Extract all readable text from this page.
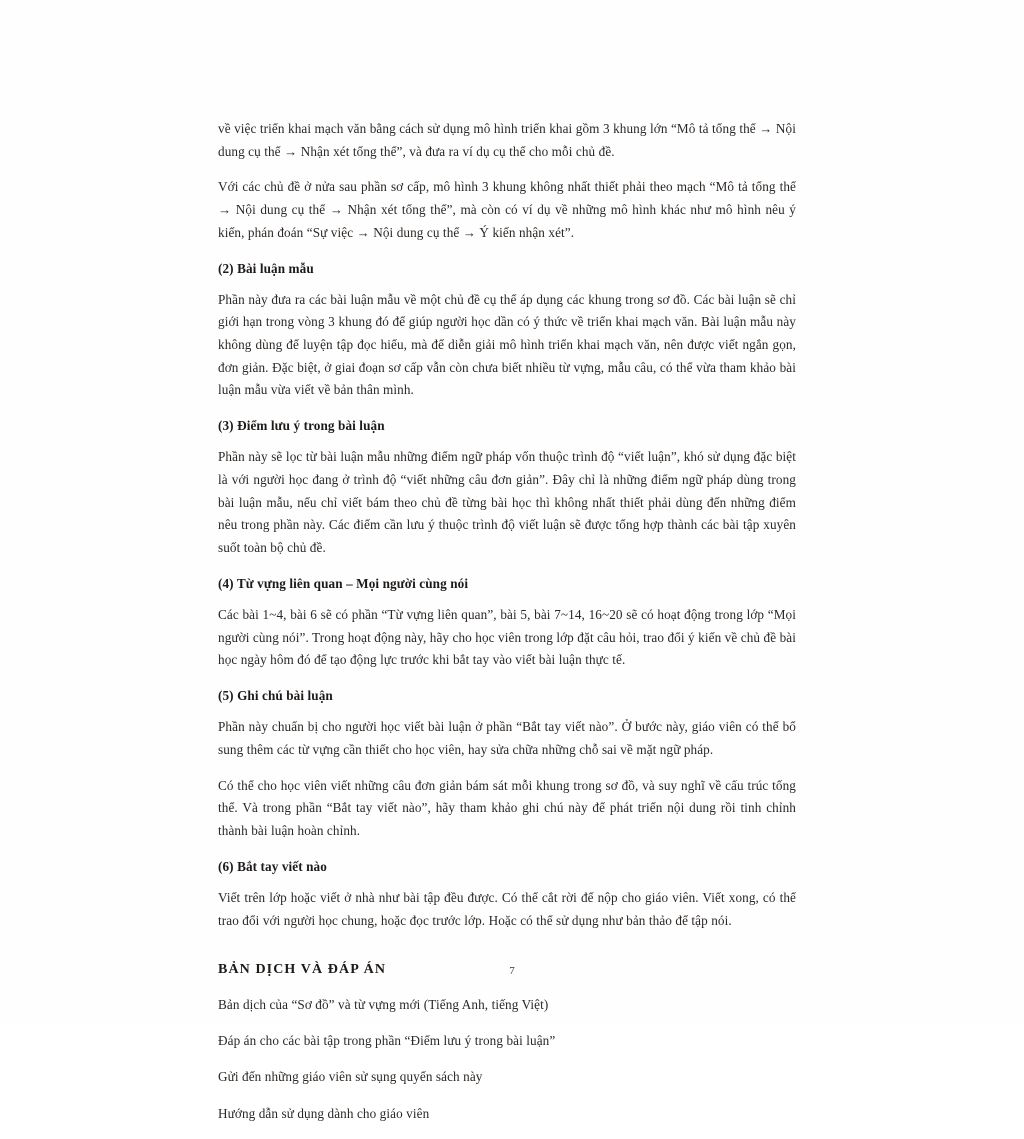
về việc triển khai mạch văn bằng cách sử dụng mô hình triển khai gồm 3 khung lớn “Mô tả tổng thể → Nội dung cụ thể → Nhận xét tổng thể”, và đưa ra ví dụ cụ thể cho mỗi chủ đề.

Với các chủ đề ở nửa sau phần sơ cấp, mô hình 3 khung không nhất thiết phải theo mạch “Mô tả tổng thể → Nội dung cụ thể → Nhận xét tổng thể”, mà còn có ví dụ về những mô hình khác như mô hình nêu ý kiến, phán đoán “Sự việc → Nội dung cụ thể → Ý kiến nhận xét”.

(2) Bài luận mẫu

Phần này đưa ra các bài luận mẫu về một chủ đề cụ thể áp dụng các khung trong sơ đồ. Các bài luận sẽ chỉ giới hạn trong vòng 3 khung đó để giúp người học dần có ý thức về triển khai mạch văn. Bài luận mẫu này không dùng để luyện tập đọc hiểu, mà để diễn giải mô hình triển khai mạch văn, nên được viết ngắn gọn, đơn giản. Đặc biệt, ở giai đoạn sơ cấp vẫn còn chưa biết nhiều từ vựng, mẫu câu, có thể vừa tham khảo bài luận mẫu vừa viết về bản thân mình.

(3) Điểm lưu ý trong bài luận

Phần này sẽ lọc từ bài luận mẫu những điểm ngữ pháp vốn thuộc trình độ “viết luận”, khó sử dụng đặc biệt là với người học đang ở trình độ “viết những câu đơn giản”. Đây chỉ là những điểm ngữ pháp dùng trong bài luận mẫu, nếu chỉ viết bám theo chủ đề từng bài học thì không nhất thiết phải dùng đến những điểm nêu trong phần này. Các điểm cần lưu ý thuộc trình độ viết luận sẽ được tổng hợp thành các bài tập xuyên suốt toàn bộ chủ đề.

(4) Từ vựng liên quan – Mọi người cùng nói

Các bài 1~4, bài 6 sẽ có phần “Từ vựng liên quan”, bài 5, bài 7~14, 16~20 sẽ có hoạt động trong lớp “Mọi người cùng nói”. Trong hoạt động này, hãy cho học viên trong lớp đặt câu hỏi, trao đổi ý kiến về chủ đề bài học ngày hôm đó để tạo động lực trước khi bắt tay vào viết bài luận thực tế.

(5) Ghi chú bài luận

Phần này chuẩn bị cho người học viết bài luận ở phần “Bắt tay viết nào”. Ở bước này, giáo viên có thể bổ sung thêm các từ vựng cần thiết cho học viên, hay sửa chữa những chỗ sai về mặt ngữ pháp.

Có thể cho học viên viết những câu đơn giản bám sát mỗi khung trong sơ đồ, và suy nghĩ về cấu trúc tổng thể. Và trong phần “Bắt tay viết nào”, hãy tham khảo ghi chú này để phát triển nội dung rồi tinh chỉnh thành bài luận hoàn chỉnh.

(6) Bắt tay viết nào

Viết trên lớp hoặc viết ở nhà như bài tập đều được. Có thể cắt rời để nộp cho giáo viên. Viết xong, có thể trao đổi với người học chung, hoặc đọc trước lớp. Hoặc có thể sử dụng như bản thảo để tập nói.

BẢN DỊCH VÀ ĐÁP ÁN

Bản dịch của “Sơ đồ” và từ vựng mới (Tiếng Anh, tiếng Việt)

Đáp án cho các bài tập trong phần “Điểm lưu ý trong bài luận”

Gửi đến những giáo viên sử sụng quyển sách này

Hướng dẫn sử dụng dành cho giáo viên

7
